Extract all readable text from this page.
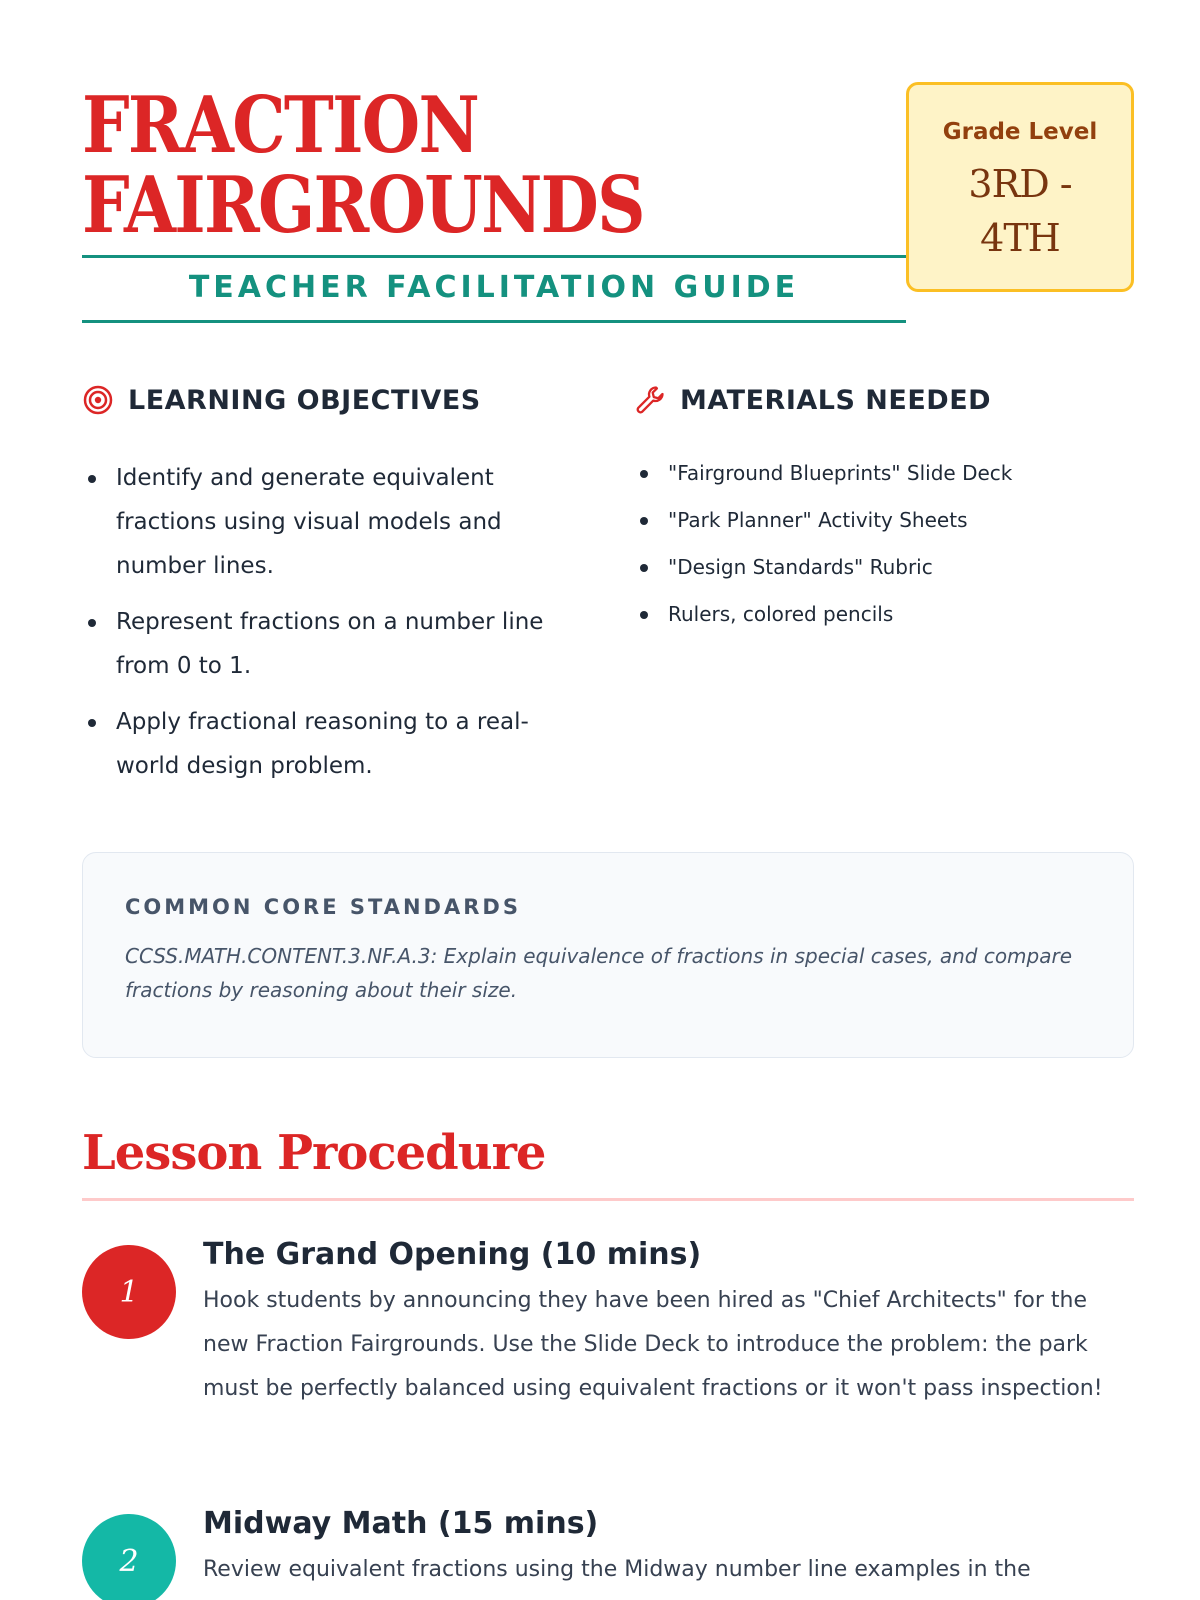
FRACTION
FAIRGROUNDS
TEACHER FACILITATION GUIDE
Grade Level
3RD -
4TH
LEARNING OBJECTIVES
Identify and generate equivalent fractions using visual models and number lines.
Represent fractions on a number line from 0 to 1.
Apply fractional reasoning to a real-world design problem.
MATERIALS NEEDED
"Fairground Blueprints" Slide Deck
"Park Planner" Activity Sheets
"Design Standards" Rubric
Rulers, colored pencils
COMMON CORE STANDARDS

CCSS.MATH.CONTENT.3.NF.A.3: Explain equivalence of fractions in special cases, and compare fractions by reasoning about their size.

Lesson Procedure
1
The Grand Opening (10 mins)

Hook students by announcing they have been hired as "Chief Architects" for the new Fraction Fairgrounds. Use the Slide Deck to introduce the problem: the park must be perfectly balanced using equivalent fractions or it won't pass inspection!

2
Midway Math (15 mins)

Review equivalent fractions using the Midway number line examples in the
